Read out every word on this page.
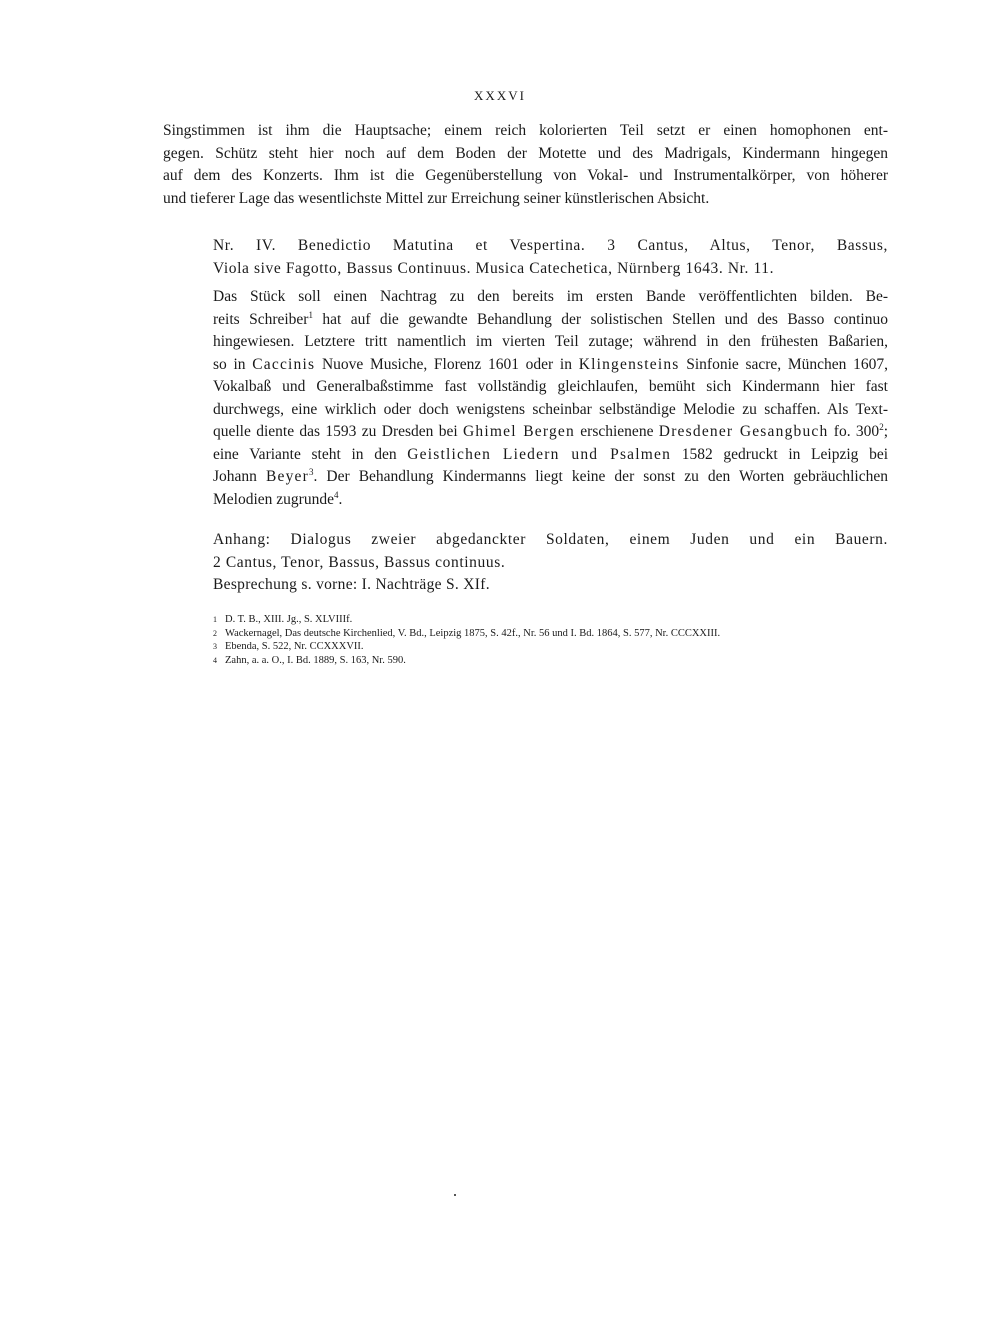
XXXVI
Singstimmen ist ihm die Hauptsache; einem reich kolorierten Teil setzt er einen homophonen ent-
gegen. Schütz steht hier noch auf dem Boden der Motette und des Madrigals, Kindermann hingegen
auf dem des Konzerts. Ihm ist die Gegenüberstellung von Vokal- und Instrumentalkörper, von höherer
und tieferer Lage das wesentlichste Mittel zur Erreichung seiner künstlerischen Absicht.
Nr. IV. Benedictio Matutina et Vespertina. 3 Cantus, Altus, Tenor, Bassus,
Viola sive Fagotto, Bassus Continuus. Musica Catechetica, Nürnberg 1643. Nr. 11.
Das Stück soll einen Nachtrag zu den bereits im ersten Bande veröffentlichten bilden. Be-
reits Schreiber$^1$ hat auf die gewandte Behandlung der solistischen Stellen und des Basso continuo
hingewiesen. Letztere tritt namentlich im vierten Teil zutage; während in den frühesten Baßarien,
so in Caccinis Nuove Musiche, Florenz 1601 oder in Klingensteins Sinfonie sacre, München 1607,
Vokalbaß und Generalbaßstimme fast vollständig gleichlaufen, bemüht sich Kindermann hier fast
durchwegs, eine wirklich oder doch wenigstens scheinbar selbständige Melodie zu schaffen. Als Text-
quelle diente das 1593 zu Dresden bei Ghimel Bergen erschienene Dresdener Gesangbuch fo. $300^2$;
eine Variante steht in den Geistlichen Liedern und Psalmen 1582 gedruckt in Leipzig bei
Johann Beyer$^3$. Der Behandlung Kindermanns liegt keine der sonst zu den Worten gebräuchlichen
Melodien zugrunde$^4$.
Anhang: Dialogus zweier abgedanckter Soldaten, einem Juden und ein Bauern.
2 Cantus, Tenor, Bassus, Bassus continuus.
Besprechung s. vorne: I. Nachträge S. XIf.
1 D. T. B., XIII. Jg., S. XLVIIIf.
2 Wackernagel, Das deutsche Kirchenlied, V. Bd., Leipzig 1875, S. 42f., Nr. 56 und I. Bd. 1864, S. 577, Nr. CCCXXIII.
3 Ebenda, S. 522, Nr. CCXXXVII.
4 Zahn, a. a. O., I. Bd. 1889, S. 163, Nr. 590.
